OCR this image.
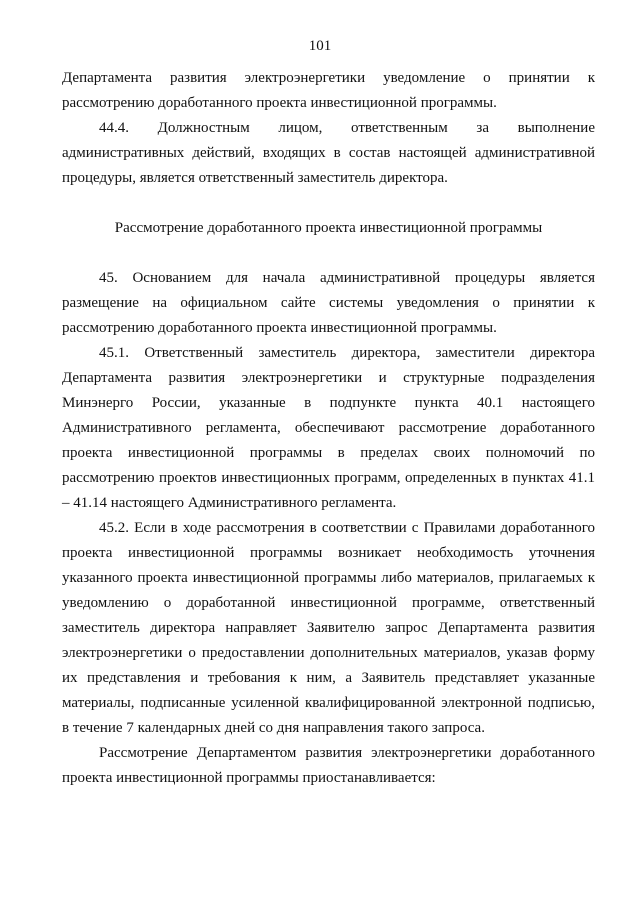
101

Департамента развития электроэнергетики уведомление о принятии к рассмотрению доработанного проекта инвестиционной программы.

44.4. Должностным лицом, ответственным за выполнение административных действий, входящих в состав настоящей административной процедуры, является ответственный заместитель директора.

Рассмотрение доработанного проекта инвестиционной программы

45. Основанием для начала административной процедуры является размещение на официальном сайте системы уведомления о принятии к рассмотрению доработанного проекта инвестиционной программы.

45.1. Ответственный заместитель директора, заместители директора Департамента развития электроэнергетики и структурные подразделения Минэнерго России, указанные в подпункте пункта 40.1 настоящего Административного регламента, обеспечивают рассмотрение доработанного проекта инвестиционной программы в пределах своих полномочий по рассмотрению проектов инвестиционных программ, определенных в пунктах 41.1 – 41.14 настоящего Административного регламента.

45.2. Если в ходе рассмотрения в соответствии с Правилами доработанного проекта инвестиционной программы возникает необходимость уточнения указанного проекта инвестиционной программы либо материалов, прилагаемых к уведомлению о доработанной инвестиционной программе, ответственный заместитель директора направляет Заявителю запрос Департамента развития электроэнергетики о предоставлении дополнительных материалов, указав форму их представления и требования к ним, а Заявитель представляет указанные материалы, подписанные усиленной квалифицированной электронной подписью, в течение 7 календарных дней со дня направления такого запроса.

Рассмотрение Департаментом развития электроэнергетики доработанного проекта инвестиционной программы приостанавливается:
